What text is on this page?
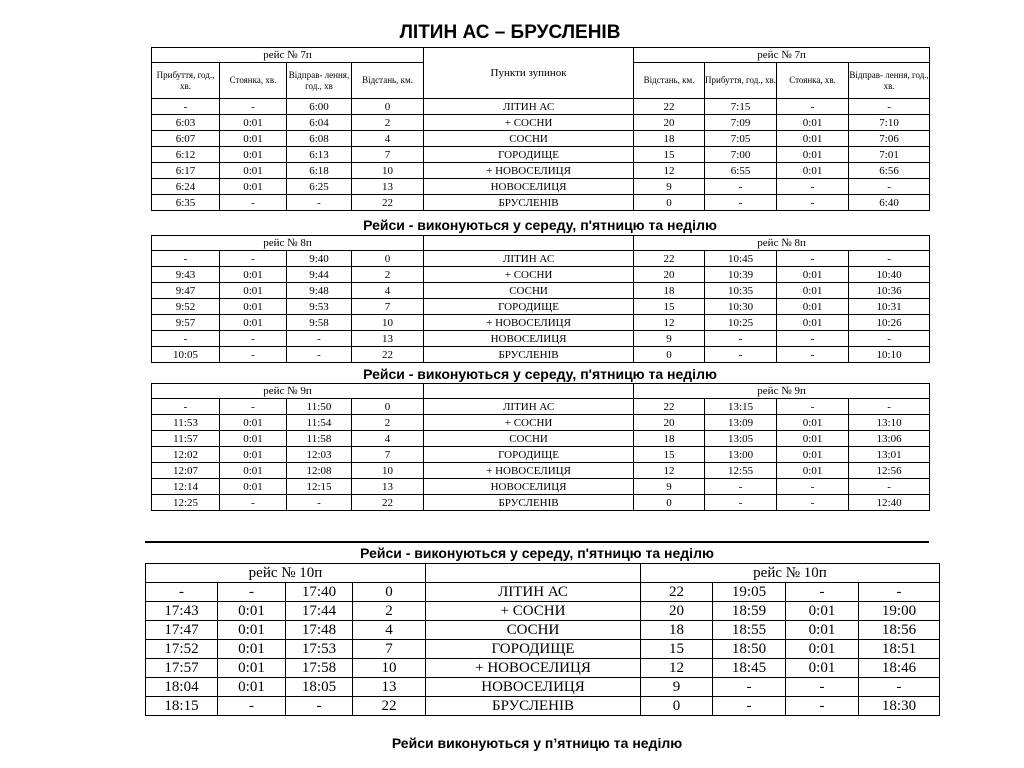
ЛІТИН АС – БРУСЛЕНІВ
рейс № 7п				Пункти зупинок	рейс № 7п			
Прибуття, год., хв.	Стоянка, хв.	Відправ- лення, год., хв	Відстань, км.		Відстань, км.	Прибуття, год., хв.	Стоянка, хв.	Відправ- лення, год., хв.
-	-	6:00	0	ЛІТИН АС	22	7:15	-	-
6:03	0:01	6:04	2	+ СОСНИ	20	7:09	0:01	7:10
6:07	0:01	6:08	4	СОСНИ	18	7:05	0:01	7:06
6:12	0:01	6:13	7	ГОРОДИЩЕ	15	7:00	0:01	7:01
6:17	0:01	6:18	10	+ НОВОСЕЛИЦЯ	12	6:55	0:01	6:56
6:24	0:01	6:25	13	НОВОСЕЛИЦЯ	9	-	-	-
6:35	-	-	22	БРУСЛЕНІВ	0	-	-	6:40
Рейси - виконуються у середу, п'ятницю та неділю
рейс № 8п					рейс № 8п			
-	-	9:40	0	ЛІТИН АС	22	10:45	-	-
9:43	0:01	9:44	2	+ СОСНИ	20	10:39	0:01	10:40
9:47	0:01	9:48	4	СОСНИ	18	10:35	0:01	10:36
9:52	0:01	9:53	7	ГОРОДИЩЕ	15	10:30	0:01	10:31
9:57	0:01	9:58	10	+ НОВОСЕЛИЦЯ	12	10:25	0:01	10:26
-	-	-	13	НОВОСЕЛИЦЯ	9	-	-	-
10:05	-	-	22	БРУСЛЕНІВ	0	-	-	10:10
Рейси - виконуються у середу, п'ятницю та неділю
рейс № 9п					рейс № 9п			
-	-	11:50	0	ЛІТИН АС	22	13:15	-	-
11:53	0:01	11:54	2	+ СОСНИ	20	13:09	0:01	13:10
11:57	0:01	11:58	4	СОСНИ	18	13:05	0:01	13:06
12:02	0:01	12:03	7	ГОРОДИЩЕ	15	13:00	0:01	13:01
12:07	0:01	12:08	10	+ НОВОСЕЛИЦЯ	12	12:55	0:01	12:56
12:14	0:01	12:15	13	НОВОСЕЛИЦЯ	9	-	-	-
12:25	-	-	22	БРУСЛЕНІВ	0	-	-	12:40
Рейси - виконуються у середу, п'ятницю та неділю
рейс № 10п					рейс № 10п			
-	-	17:40	0	ЛІТИН АС	22	19:05	-	-
17:43	0:01	17:44	2	+ СОСНИ	20	18:59	0:01	19:00
17:47	0:01	17:48	4	СОСНИ	18	18:55	0:01	18:56
17:52	0:01	17:53	7	ГОРОДИЩЕ	15	18:50	0:01	18:51
17:57	0:01	17:58	10	+ НОВОСЕЛИЦЯ	12	18:45	0:01	18:46
18:04	0:01	18:05	13	НОВОСЕЛИЦЯ	9	-	-	-
18:15	-	-	22	БРУСЛЕНІВ	0	-	-	18:30
Рейси виконуються у п’ятницю та неділю
